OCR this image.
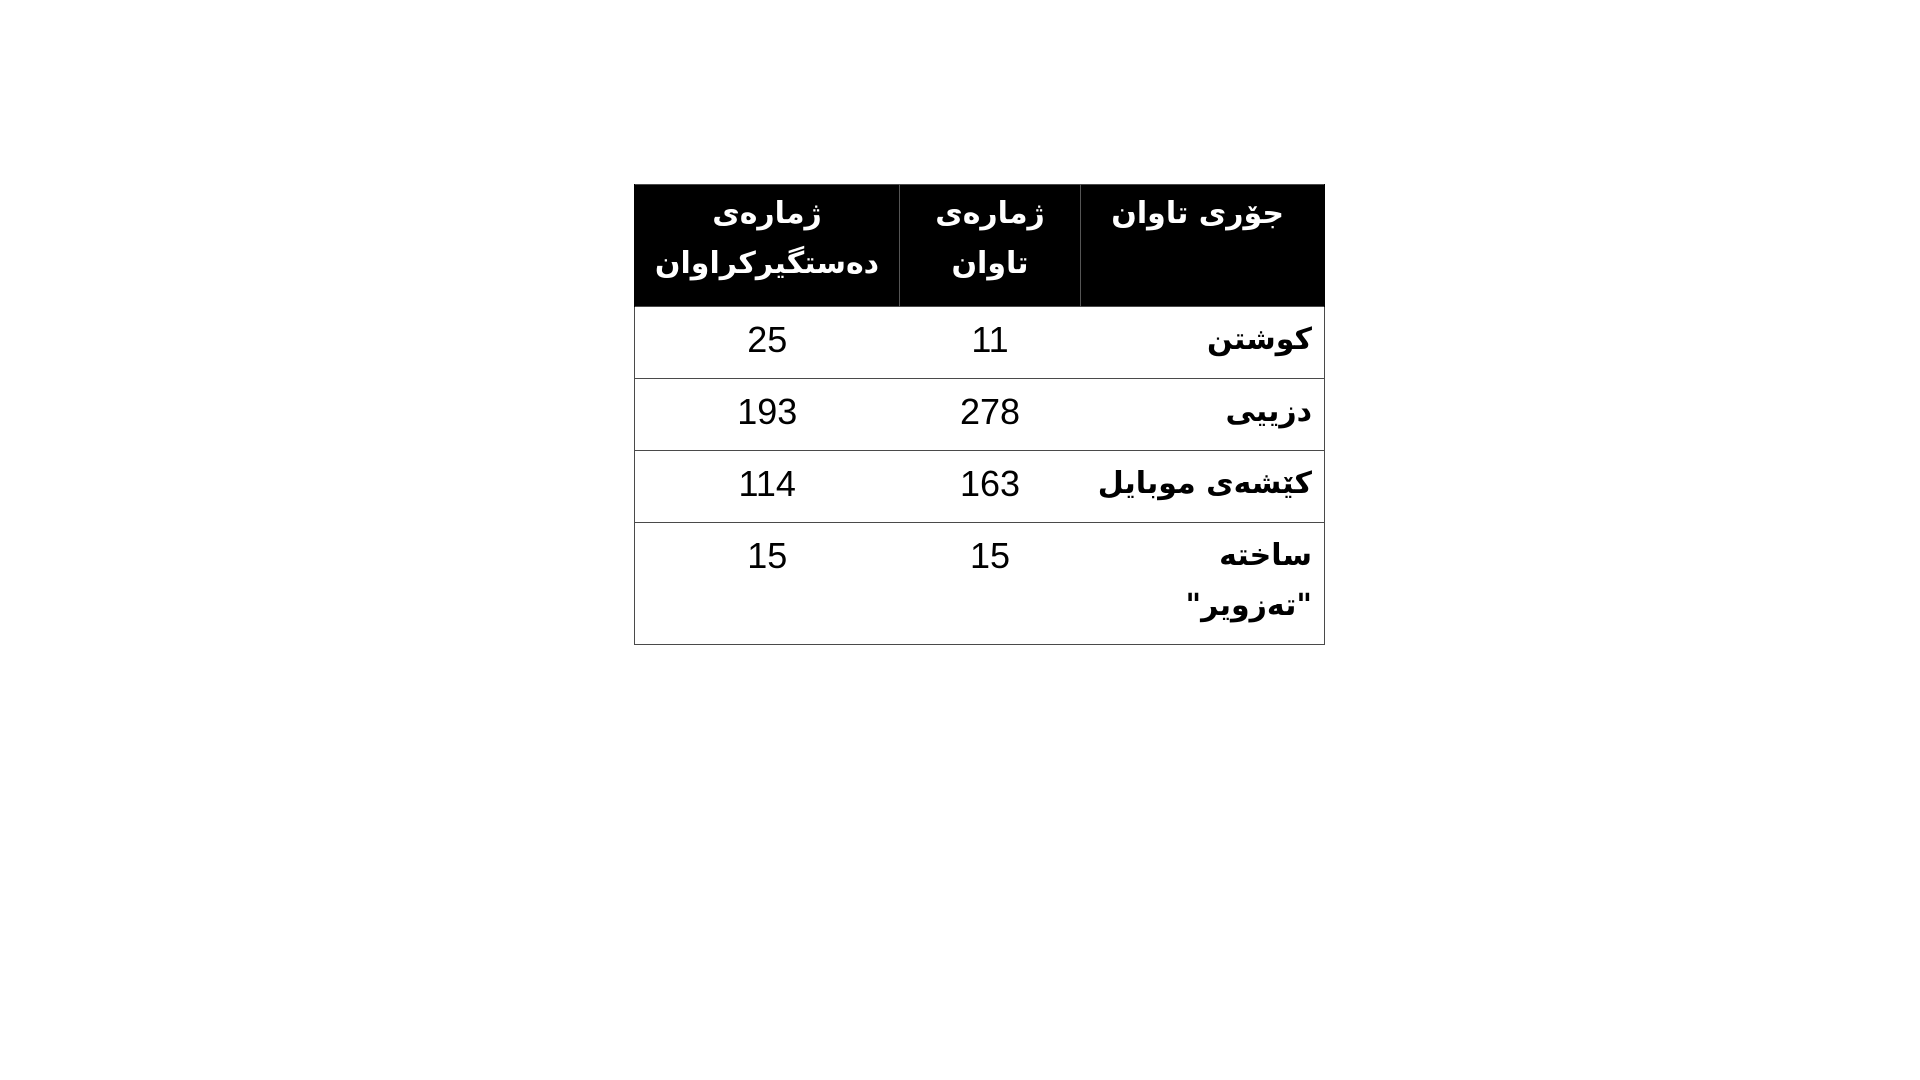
جۆری تاوان	ژمارەی تاوان	ژمارەی دەستگیرکراوان
کوشتن	11	25
دزییی	278	193
کێشەی موبایل	163	114
ساختە "تەزویر"	15	15
